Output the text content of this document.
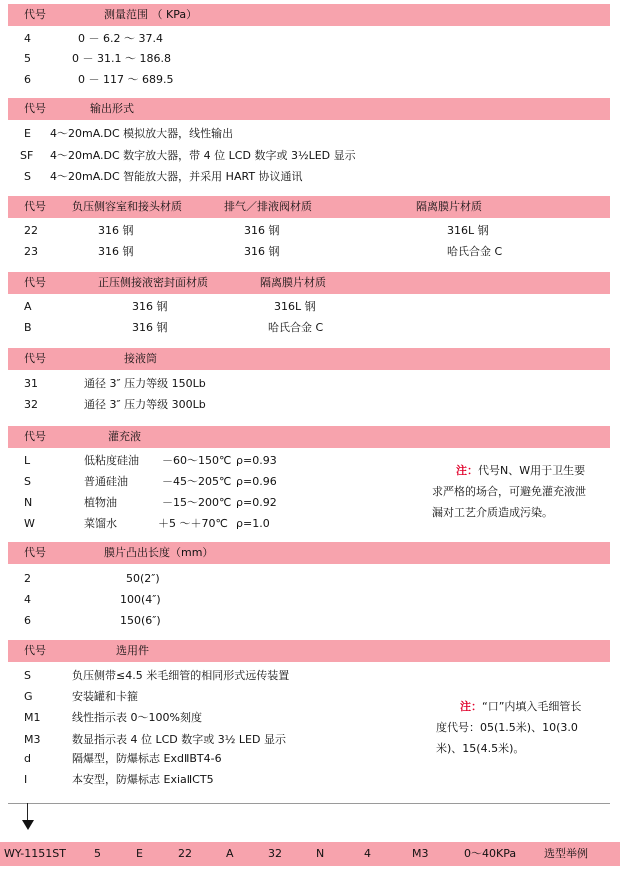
代号	测量范围 （ KPa）
4	0 － 6.2 ～ 37.4
5	0 － 31.1 ～ 186.8
6	0 － 117 ～ 689.5
代号	输出形式
E 4～20mA.DC 模拟放大器，线性输出
SF 4～20mA.DC 数字放大器，带 4 位 LCD 数字或 3½LED 显示
S 4～20mA.DC 智能放大器，并采用 HART 协议通讯
代号 负压侧容室和接头材质	排气／排液阀材质	隔离膜片材质
22	316 钢	316 钢	316L 钢
23	316 钢	316 钢	哈氏合金 C
代号	正压侧接液密封面材质	隔离膜片材质
A	316 钢	316L 钢
B	316 钢	哈氏合金 C
代号	接液筒
31	通径 3″ 压力等级 150Lb
32	通径 3″ 压力等级 300Lb
代号	灌充液
L	低粘度硅油 －60～150℃ ρ=0.93
S	普通硅油	－45～205℃ ρ=0.96
N	植物油	－15～200℃ ρ=0.92
W	菜馏水	＋5 ～＋70℃ ρ=1.0
注：代号N、W用于卫生要
求严格的场合，可避免灌充液泄
漏对工艺介质造成污染。
代号	膜片凸出长度（mm）
2	50(2″)
4	100(4″)
6	150(6″)
代号	选用件
S	负压侧带≤4.5 米毛细管的相同形式远传装置
G	安装罐和卡箍
M1	线性指示表 0～100%刻度
M3	数显指示表 4 位 LCD 数字或 3½ LED 显示
d	隔爆型，防爆标志 ExdⅡBT4-6
I	本安型，防爆标志 ExiaⅡCT5
注：“口”内填入毛细管长
度代号：05(1.5米)、10(3.0
米)、15(4.5米)。
WY-1151ST	5	E	22	A	32	N	4	M3	0～40KPa	选型举例
